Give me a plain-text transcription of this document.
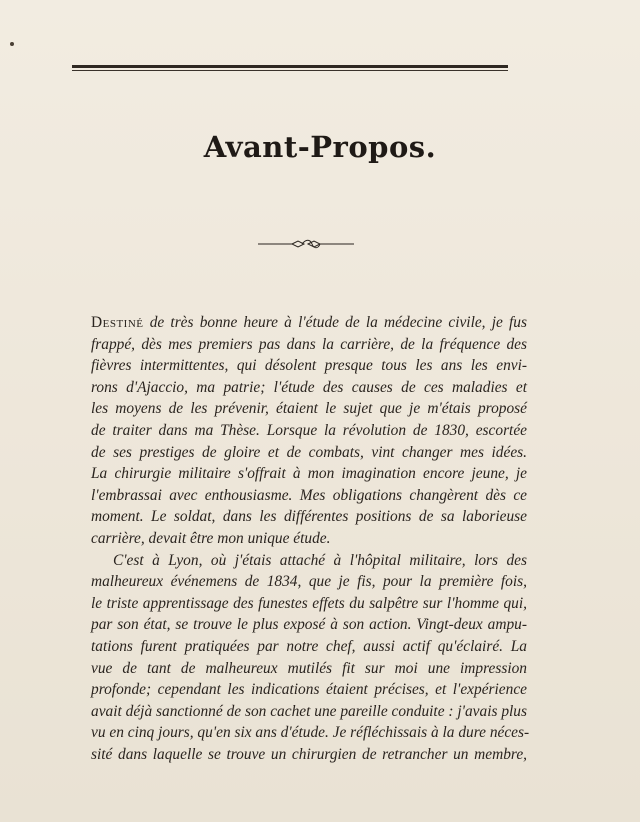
Avant-Propos.
Destiné de très bonne heure à l'étude de la médecine civile, je fus
frappé, dès mes premiers pas dans la carrière, de la fréquence des
fièvres intermittentes, qui désolent presque tous les ans les envi-
rons d'Ajaccio, ma patrie; l'étude des causes de ces maladies et
les moyens de les prévenir, étaient le sujet que je m'étais proposé
de traiter dans ma Thèse. Lorsque la révolution de 1830, escortée
de ses prestiges de gloire et de combats, vint changer mes idées.
La chirurgie militaire s'offrait à mon imagination encore jeune, je
l'embrassai avec enthousiasme. Mes obligations changèrent dès ce
moment. Le soldat, dans les différentes positions de sa laborieuse
carrière, devait être mon unique étude.
C'est à Lyon, où j'étais attaché à l'hôpital militaire, lors des
malheureux événemens de 1834, que je fis, pour la première fois,
le triste apprentissage des funestes effets du salpêtre sur l'homme qui,
par son état, se trouve le plus exposé à son action. Vingt-deux ampu-
tations furent pratiquées par notre chef, aussi actif qu'éclairé. La
vue de tant de malheureux mutilés fit sur moi une impression
profonde; cependant les indications étaient précises, et l'expérience
avait déjà sanctionné de son cachet une pareille conduite : j'avais plus
vu en cinq jours, qu'en six ans d'étude. Je réfléchissais à la dure néces-
sité dans laquelle se trouve un chirurgien de retrancher un membre,
